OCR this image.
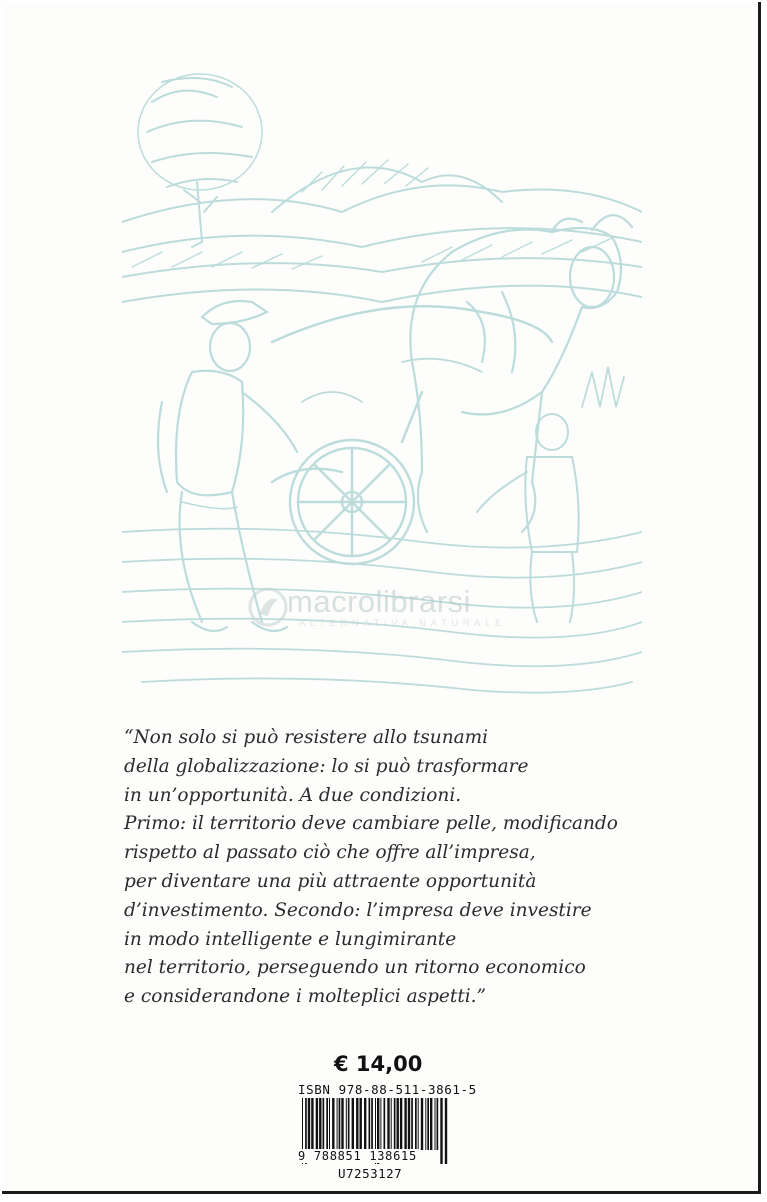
macrolibrarsi
ALTERNATIVA NATURALE
“Non solo si può resistere allo tsunami
della globalizzazione: lo si può trasformare
in un’opportunità. A due condizioni.
Primo: il territorio deve cambiare pelle, modificando
rispetto al passato ciò che offre all’impresa,
per diventare una più attraente opportunità
d’investimento. Secondo: l’impresa deve investire
in modo intelligente e lungimirante
nel territorio, perseguendo un ritorno economico
e considerandone i molteplici aspetti.”
€ 14,00
ISBN 978-88-511-3861-5
9 788851 138615
U7253127
